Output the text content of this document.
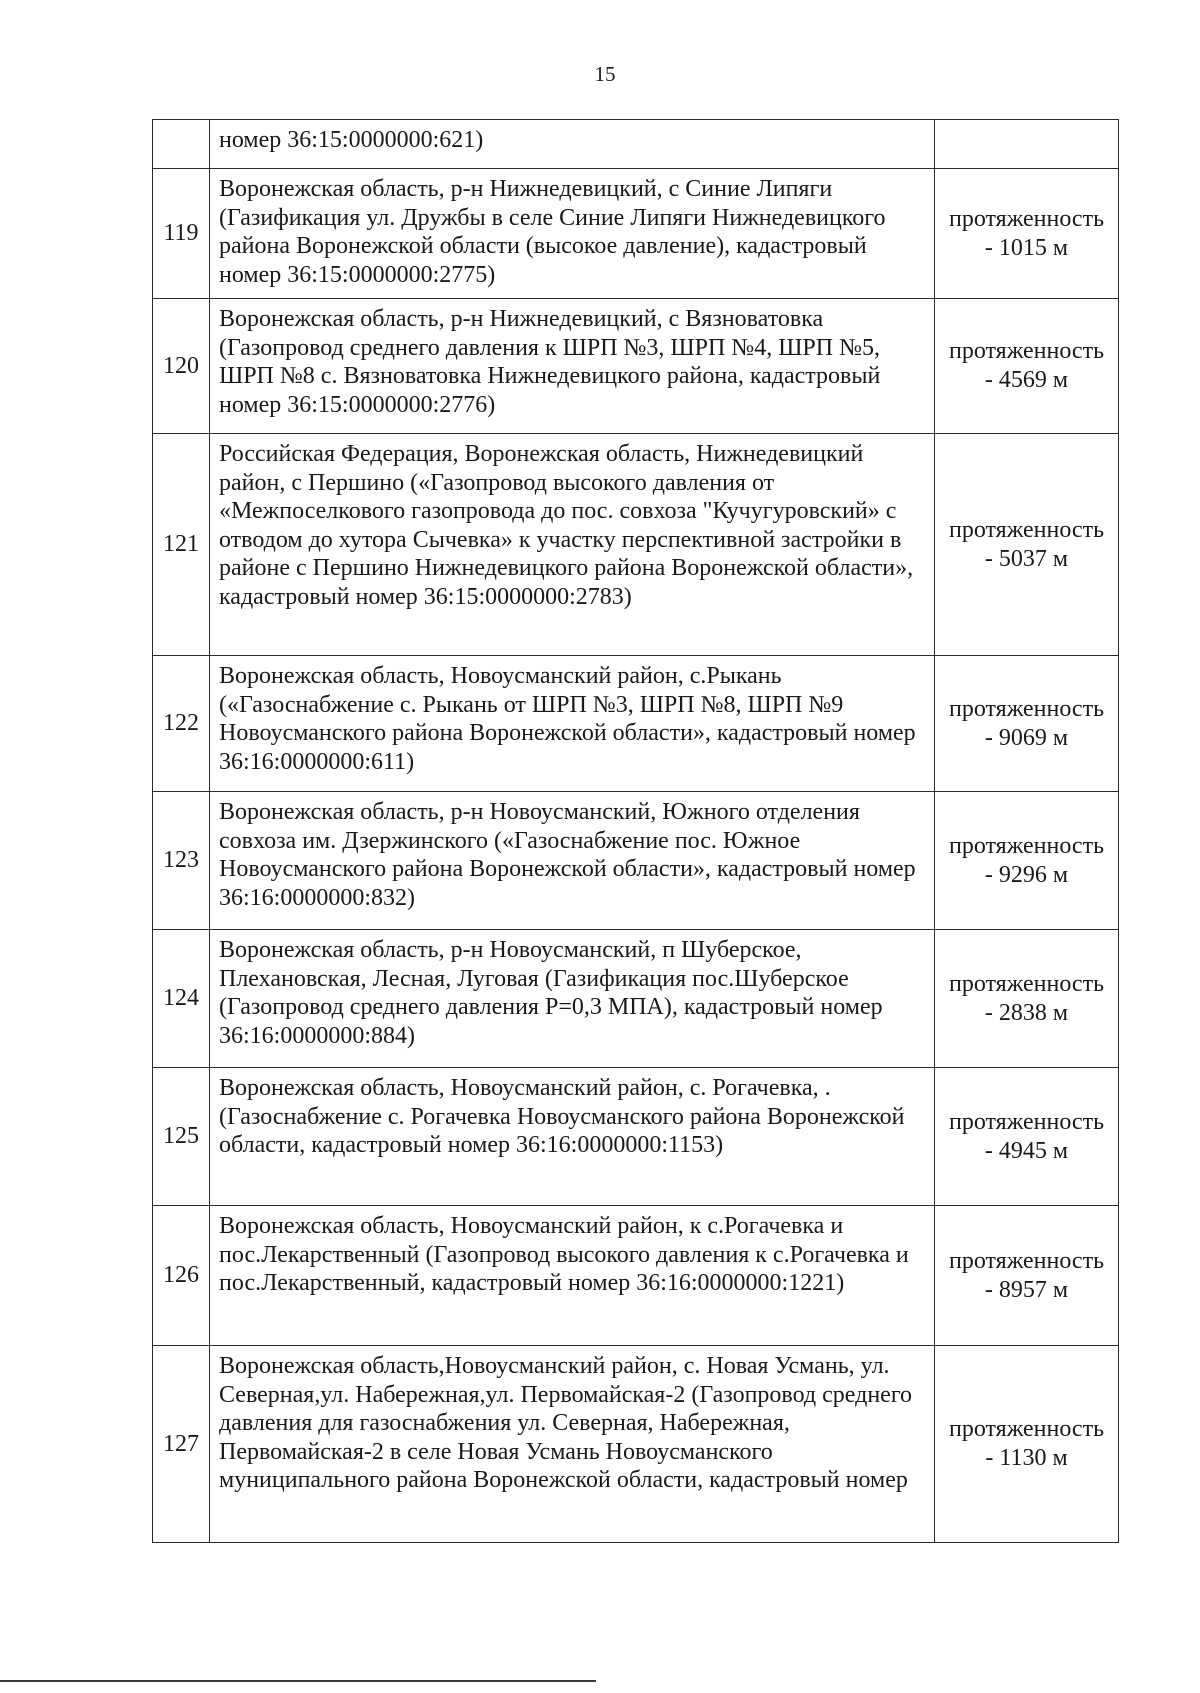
15
	номер 36:15:0000000:621)	

119	Воронежская область, р-н Нижнедевицкий, с Синие Липяги (Газификация ул. Дружбы в селе Синие Липяги Нижнедевицкого района Воронежской области (высокое давление), кадастровый номер 36:15:0000000:2775)	протяженность
- 1015 м

120	Воронежская область, р-н Нижнедевицкий, с Вязноватовка (Газопровод среднего давления к ШРП №3, ШРП №4, ШРП №5, ШРП №8 с. Вязноватовка Нижнедевицкого района, кадастровый номер 36:15:0000000:2776)	протяженность
- 4569 м

121	Российская Федерация, Воронежская область, Нижнедевицкий район, с Першино («Газопровод высокого давления от «Межпоселкового газопровода до пос. совхоза "Кучугуровский» с отводом до хутора Сычевка» к участку перспективной застройки в районе с Першино Нижнедевицкого района Воронежской области», кадастровый номер 36:15:0000000:2783)	протяженность
- 5037 м

122	Воронежская область, Новоусманский район, с.Рыкань («Газоснабжение с. Рыкань от ШРП №3, ШРП №8, ШРП №9 Новоусманского района Воронежской области», кадастровый номер 36:16:0000000:611)	протяженность
- 9069 м

123	Воронежская область, р-н Новоусманский, Южного отделения совхоза им. Дзержинского («Газоснабжение пос. Южное Новоусманского района Воронежской области», кадастровый номер 36:16:0000000:832)	протяженность
- 9296 м

124	Воронежская область, р-н Новоусманский, п Шуберское, Плехановская, Лесная, Луговая (Газификация пос.Шуберское (Газопровод среднего давления Р=0,3 МПА), кадастровый номер 36:16:0000000:884)	протяженность
- 2838 м

125	Воронежская область, Новоусманский район, с. Рогачевка, . (Газоснабжение с. Рогачевка Новоусманского района Воронежской области, кадастровый номер 36:16:0000000:1153)	протяженность
- 4945 м

126	Воронежская область, Новоусманский район, к с.Рогачевка и пос.Лекарственный (Газопровод высокого давления к с.Рогачевка и пос.Лекарственный, кадастровый номер 36:16:0000000:1221)	протяженность
- 8957 м

127	Воронежская область,Новоусманский район, с. Новая Усмань, ул. Северная,ул. Набережная,ул. Первомайская-2 (Газопровод среднего давления для газоснабжения ул. Северная, Набережная, Первомайская-2 в селе Новая Усмань Новоусманского муниципального района Воронежской области, кадастровый номер	протяженность
- 1130 м
